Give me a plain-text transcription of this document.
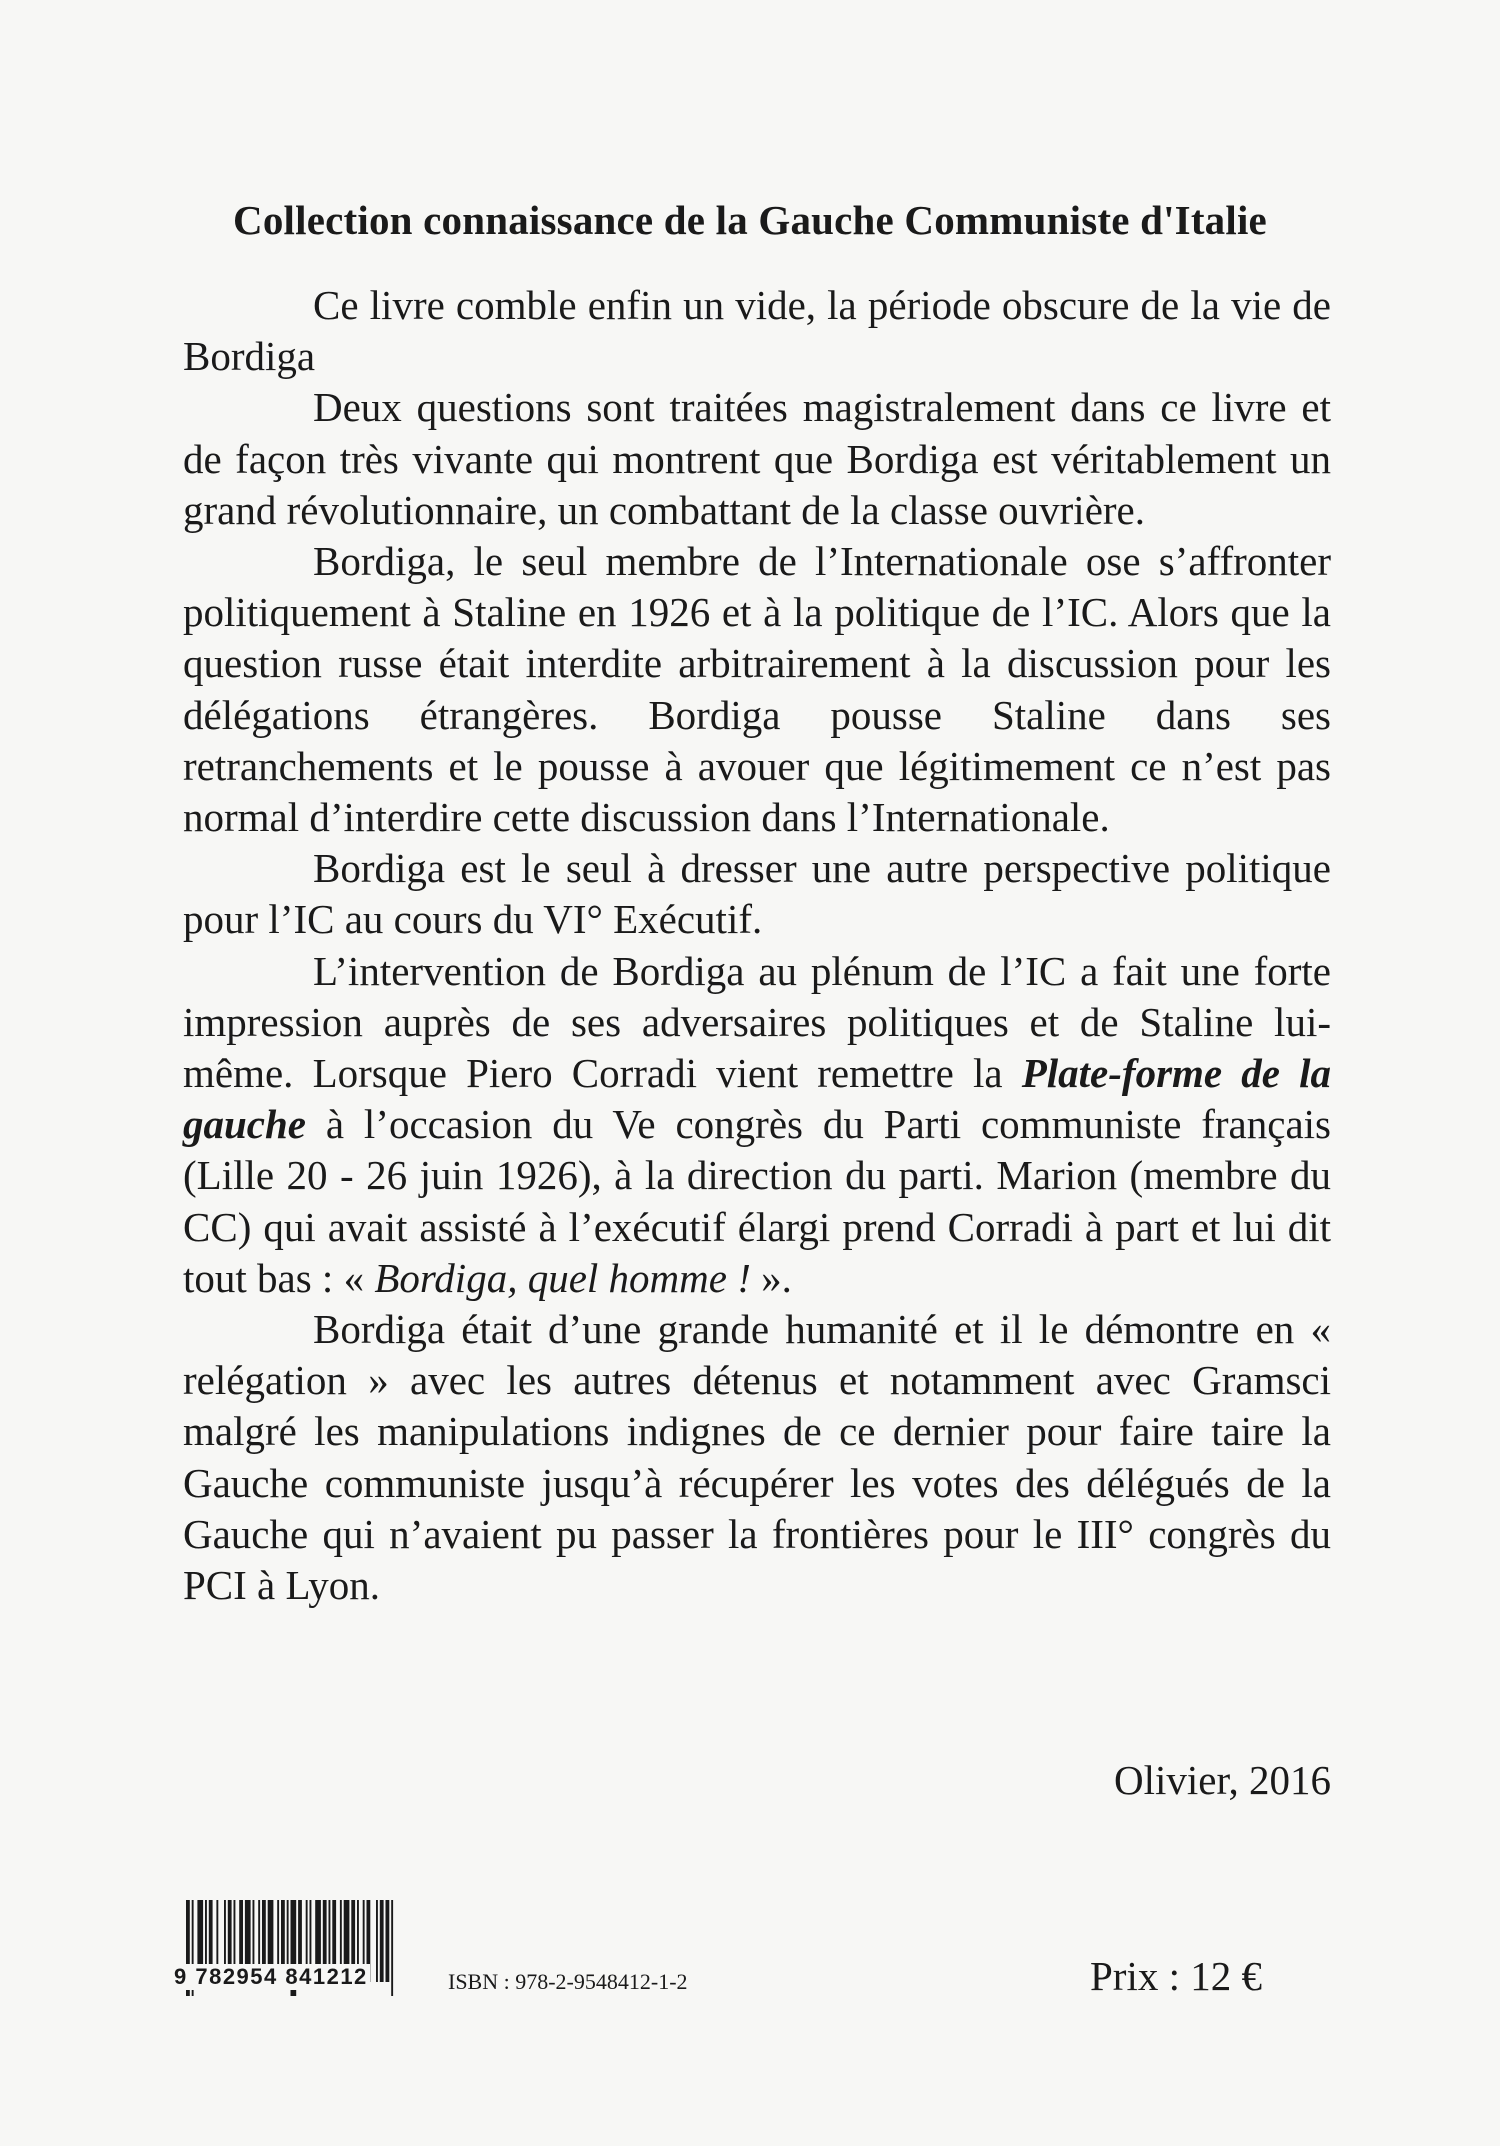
Collection connaissance de la Gauche Communiste d'Italie

Ce livre comble enfin un vide, la période obscure de la vie de Bordiga

Deux questions sont traitées magistralement dans ce livre et de façon très vivante qui montrent que Bordiga est véritablement un grand révolutionnaire, un combattant de la classe ouvrière.

Bordiga, le seul membre de l’Internationale ose s’affronter politiquement à Staline en 1926 et à la politique de l’IC. Alors que la question russe était interdite arbitrairement à la discussion pour les délégations étrangères. Bordiga pousse Staline dans ses retranchements et le pousse à avouer que légitimement ce n’est pas normal d’interdire cette discussion dans l’Internationale.

Bordiga est le seul à dresser une autre perspective politique pour l’IC au cours du VI° Exécutif.

L’intervention de Bordiga au plénum de l’IC a fait une forte impression auprès de ses adversaires politiques et de Staline lui-même. Lorsque Piero Corradi vient remettre la Plate-forme de la gauche à l’occasion du Ve congrès du Parti communiste français (Lille 20 - 26 juin 1926), à la direction du parti. Marion (membre du CC) qui avait assisté à l’exécutif élargi prend Corradi à part et lui dit tout bas : « Bordiga, quel homme ! ».

Bordiga était d’une grande humanité et il le démontre en « relégation » avec les autres détenus et notamment avec Gramsci malgré les manipulations indignes de ce dernier pour faire taire la Gauche communiste jusqu’à récupérer les votes des délégués de la Gauche qui n’avaient pu passer la frontières pour le III° congrès du PCI à Lyon.

Olivier, 2016
9 782954 841212	ISBN : 978-2-9548412-1-2	Prix : 12 €
